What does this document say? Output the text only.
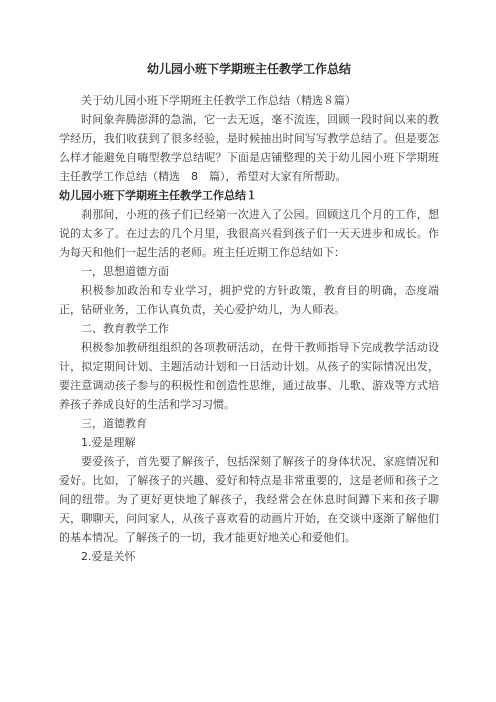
幼儿园小班下学期班主任教学工作总结

关于幼儿园小班下学期班主任教学工作总结（精选８篇）

时间象奔腾澎湃的急湍，它一去无返，毫不流连，回顾一段时间以来的教学经历，我们收获到了很多经验，是时候抽出时间写写教学总结了。但是要怎么样才能避免自嗨型教学总结呢？下面是店铺整理的关于幼儿园小班下学期班主任教学工作总结（精选　8　篇），希望对大家有所帮助。

幼儿园小班下学期班主任教学工作总结１

刹那间，小班的孩子们已经第一次进入了公园。回顾这几个月的工作，想说的太多了。在过去的几个月里，我很高兴看到孩子们一天天进步和成长。作为每天和他们一起生活的老师。班主任近期工作总结如下：

一，思想道德方面

积极参加政治和专业学习，拥护党的方针政策，教育目的明确，态度端正，钻研业务，工作认真负责，关心爱护幼儿，为人师表。

二、教育教学工作

积极参加教研组组织的各项教研活动，在骨干教师指导下完成教学活动设计，拟定期间计划、主题活动计划和一日活动计划。从孩子的实际情况出发，要注意调动孩子参与的积极性和创造性思维，通过故事、儿歌、游戏等方式培养孩子养成良好的生活和学习习惯。

三，道德教育

1.爱是理解

要爱孩子，首先要了解孩子，包括深刻了解孩子的身体状况、家庭情况和爱好。比如，了解孩子的兴趣、爱好和特点是非常重要的，这是老师和孩子之间的纽带。为了更好更快地了解孩子，我经常会在休息时间蹲下来和孩子聊天，聊聊天，问问家人，从孩子喜欢看的动画片开始，在交谈中逐渐了解他们的基本情况。了解孩子的一切，我才能更好地关心和爱他们。

2.爱是关怀
